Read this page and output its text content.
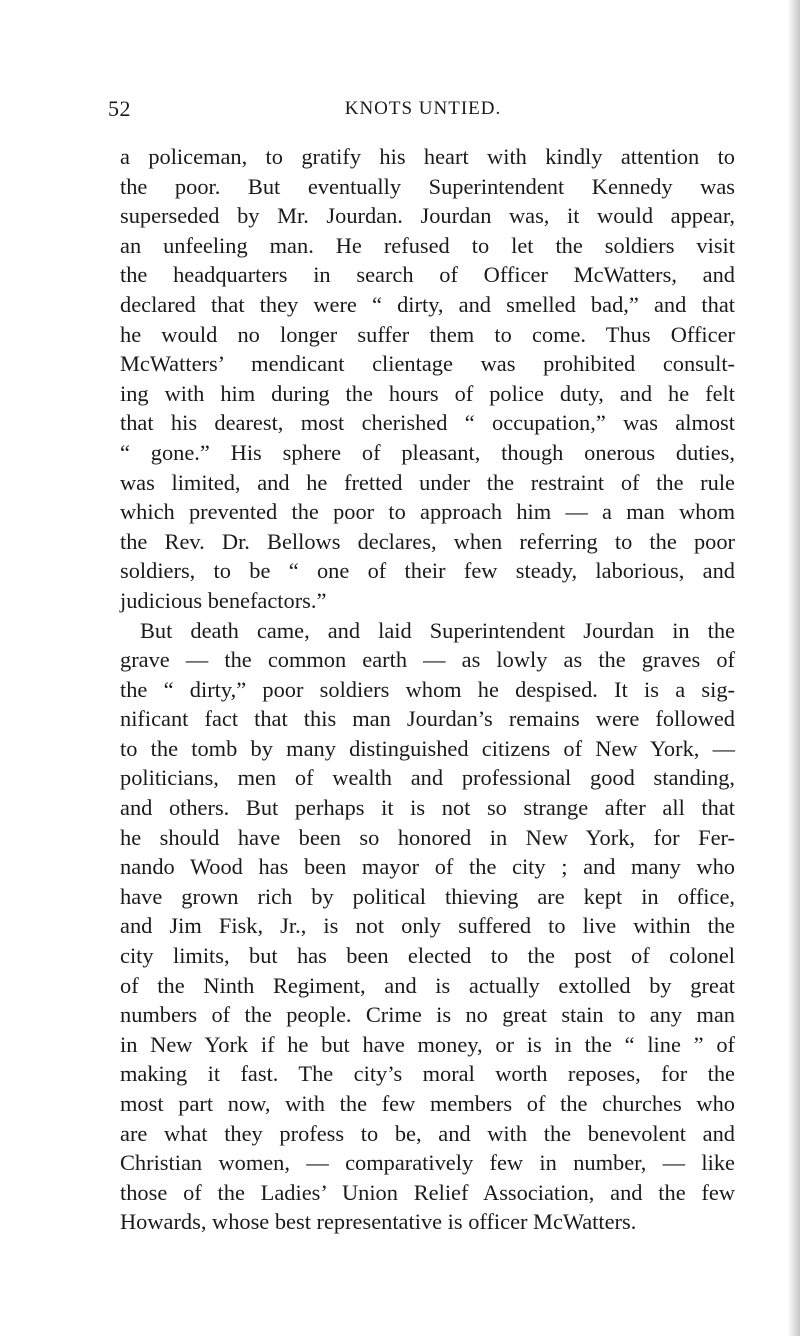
52	KNOTS UNTIED.
a policeman, to gratify his heart with kindly attention to
the poor. But eventually Superintendent Kennedy was
superseded by Mr. Jourdan. Jourdan was, it would appear,
an unfeeling man. He refused to let the soldiers visit
the headquarters in search of Officer McWatters, and
declared that they were “ dirty, and smelled bad,” and that
he would no longer suffer them to come. Thus Officer
McWatters’ mendicant clientage was prohibited consult-
ing with him during the hours of police duty, and he felt
that his dearest, most cherished “ occupation,” was almost
“ gone.” His sphere of pleasant, though onerous duties,
was limited, and he fretted under the restraint of the rule
which prevented the poor to approach him — a man whom
the Rev. Dr. Bellows declares, when referring to the poor
soldiers, to be “ one of their few steady, laborious, and
judicious benefactors.”
But death came, and laid Superintendent Jourdan in the
grave — the common earth — as lowly as the graves of
the “ dirty,” poor soldiers whom he despised. It is a sig-
nificant fact that this man Jourdan’s remains were followed
to the tomb by many distinguished citizens of New York, —
politicians, men of wealth and professional good standing,
and others. But perhaps it is not so strange after all that
he should have been so honored in New York, for Fer-
nando Wood has been mayor of the city ; and many who
have grown rich by political thieving are kept in office,
and Jim Fisk, Jr., is not only suffered to live within the
city limits, but has been elected to the post of colonel
of the Ninth Regiment, and is actually extolled by great
numbers of the people. Crime is no great stain to any man
in New York if he but have money, or is in the “ line ” of
making it fast. The city’s moral worth reposes, for the
most part now, with the few members of the churches who
are what they profess to be, and with the benevolent and
Christian women, — comparatively few in number, — like
those of the Ladies’ Union Relief Association, and the few
Howards, whose best representative is officer McWatters.
